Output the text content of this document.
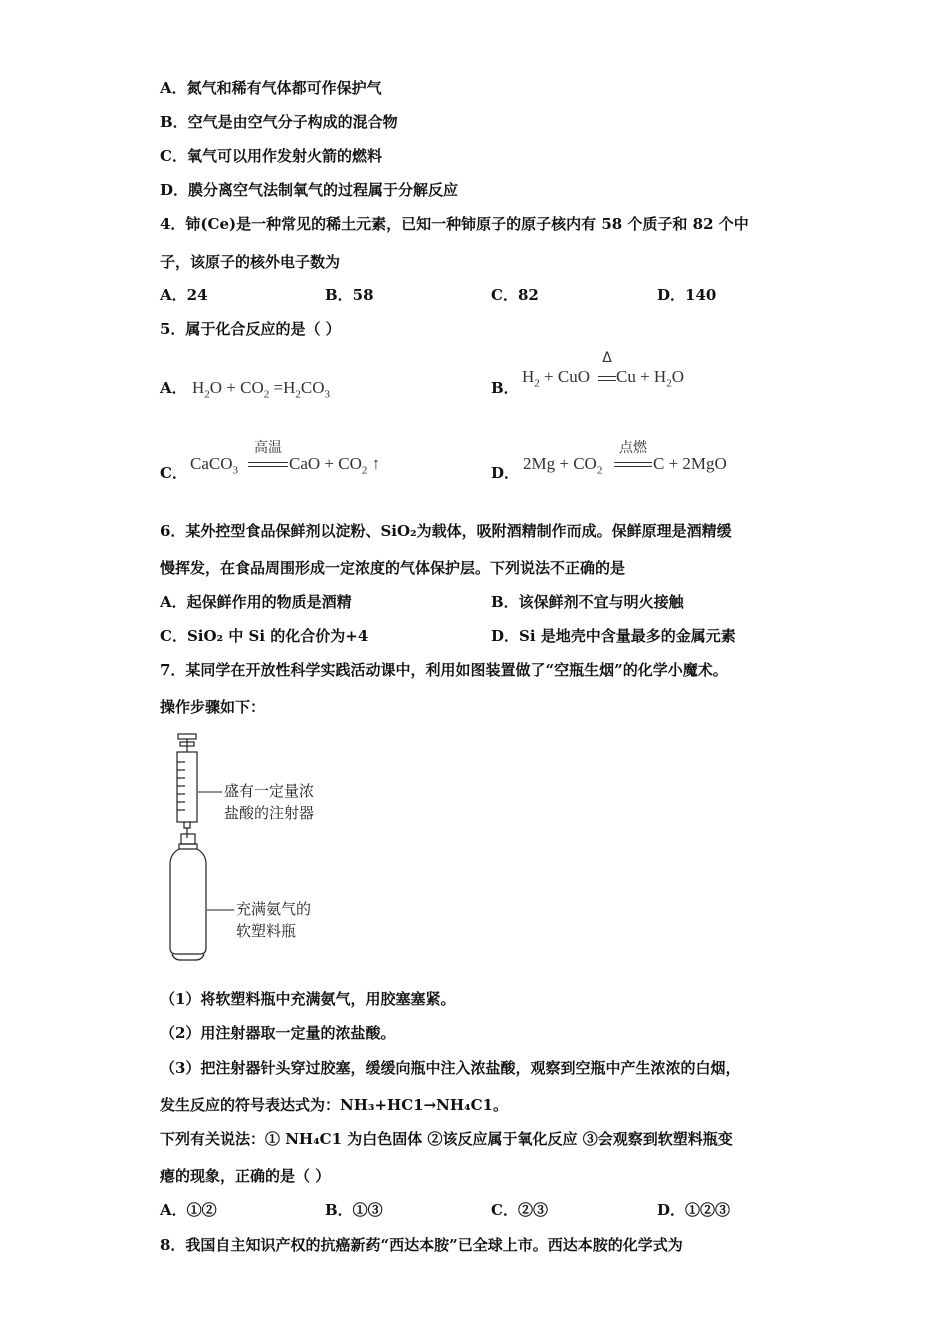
A．氮气和稀有气体都可作保护气
B．空气是由空气分子构成的混合物
C．氧气可以用作发射火箭的燃料
D．膜分离空气法制氧气的过程属于分解反应
4．铈(Ce)是一种常见的稀土元素，已知一种铈原子的原子核内有 58 个质子和 82 个中
子，该原子的核外电子数为
A．24	B．58	C．82	D．140
5．属于化合反应的是（ ）
A． $H_2O + CO_2 =H_2CO_3$	B．
$H_2$ + CuO
Δ
$Cu + H_2O$
C． CaCO$_3$
高温
CaO + $CO_2$ ↑	D． $2Mg + CO_2$
点燃
C + 2MgO
6．某外控型食品保鲜剂以淀粉、SiO₂为载体，吸附酒精制作而成。保鲜原理是酒精缓
慢挥发，在食品周围形成一定浓度的气体保护层。下列说法不正确的是
A．起保鲜作用的物质是酒精	B．该保鲜剂不宜与明火接触
C．SiO₂ 中 Si 的化合价为+4	D．Si 是地壳中含量最多的金属元素
7．某同学在开放性科学实践活动课中，利用如图装置做了“空瓶生烟”的化学小魔术。
操作步骤如下：
盛有一定量浓
盐酸的注射器
充满氨气的
软塑料瓶
（1）将软塑料瓶中充满氨气，用胶塞塞紧。
（2）用注射器取一定量的浓盐酸。
（3）把注射器针头穿过胶塞，缓缓向瓶中注入浓盐酸，观察到空瓶中产生浓浓的白烟，
发生反应的符号表达式为：NH₃+HC1→NH₄C1。
下列有关说法：① NH₄C1 为白色固体 ②该反应属于氧化反应 ③会观察到软塑料瓶变
瘪的现象，正确的是（ ）
A．①②	B．①③	C．②③	D．①②③
8．我国自主知识产权的抗癌新药“西达本胺”已全球上市。西达本胺的化学式为
